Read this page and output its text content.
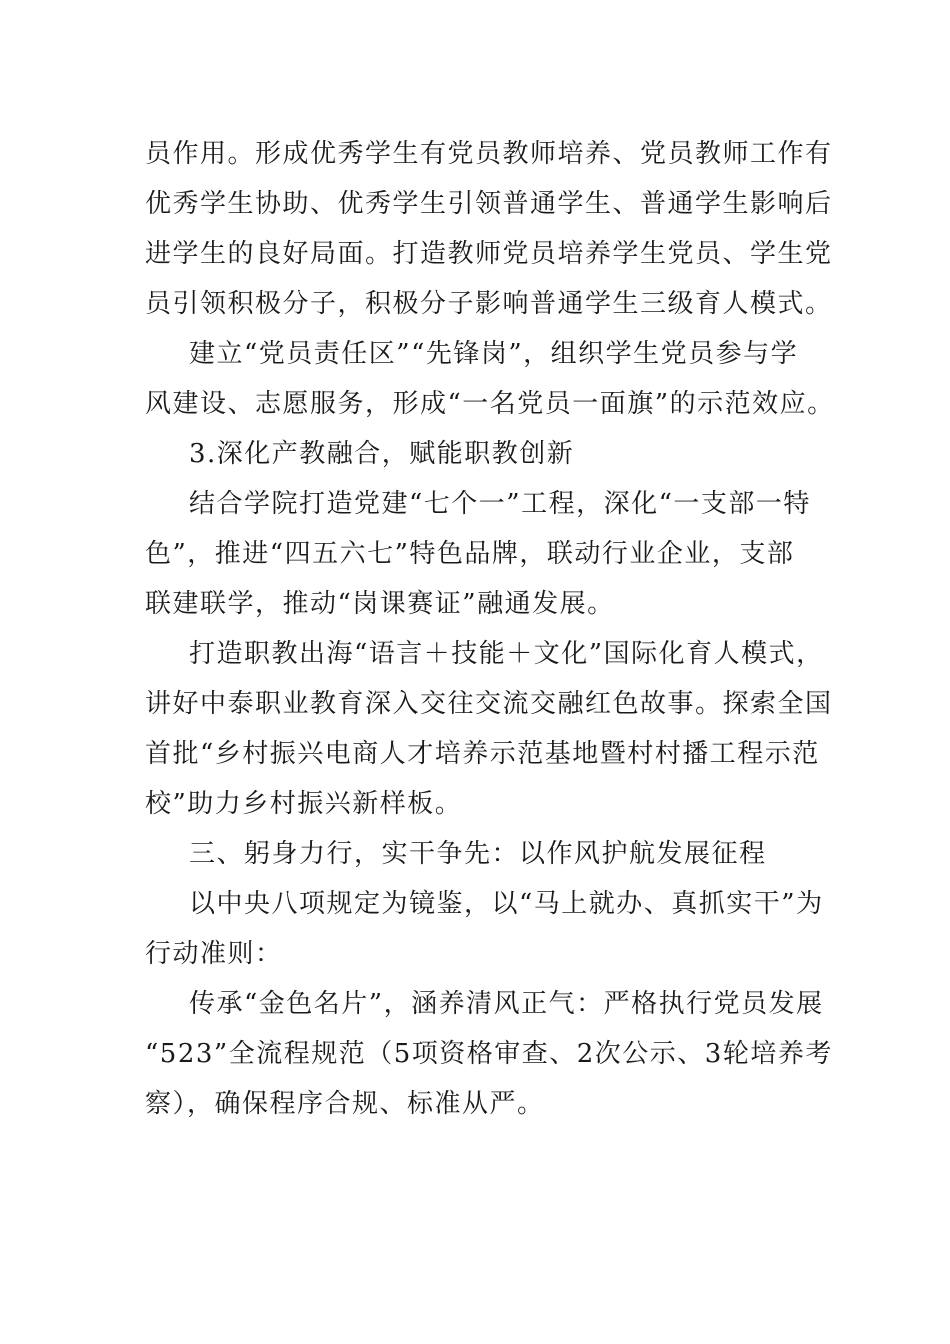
员作用。形成优秀学生有党员教师培养、党员教师工作有
优秀学生协助、优秀学生引领普通学生、普通学生影响后
进学生的良好局面。打造教师党员培养学生党员、学生党
员引领积极分子，积极分子影响普通学生三级育人模式。
建立“党员责任区”“先锋岗”，组织学生党员参与学
风建设、志愿服务，形成“一名党员一面旗”的示范效应。
3.深化产教融合，赋能职教创新
结合学院打造党建“七个一”工程，深化“一支部一特
色”，推进“四五六七”特色品牌，联动行业企业，支部
联建联学，推动“岗课赛证”融通发展。
打造职教出海“语言＋技能＋文化”国际化育人模式，
讲好中泰职业教育深入交往交流交融红色故事。探索全国
首批“乡村振兴电商人才培养示范基地暨村村播工程示范
校”助力乡村振兴新样板。
三、躬身力行，实干争先：以作风护航发展征程
以中央八项规定为镜鉴，以“马上就办、真抓实干”为
行动准则：
传承“金色名片”，涵养清风正气：严格执行党员发展
“523”全流程规范（5项资格审查、2次公示、3轮培养考
察），确保程序合规、标准从严。
